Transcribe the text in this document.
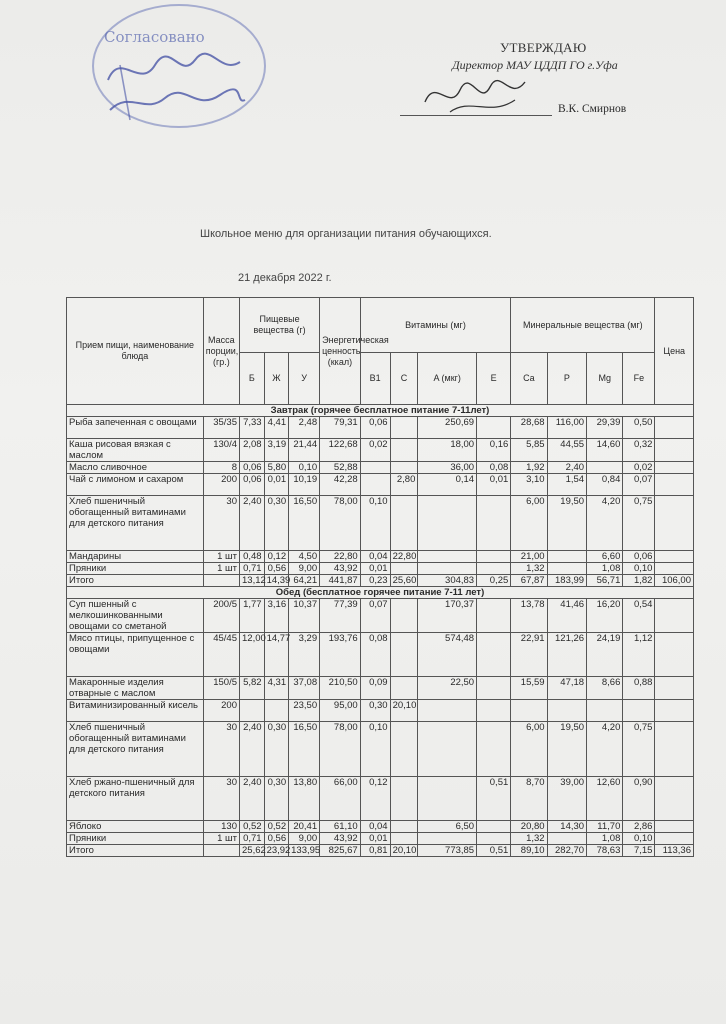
Согласовано
УТВЕРЖДАЮ
Директор МАУ ЦДДП ГО г.Уфа
В.К. Смирнов
Школьное меню для организации питания обучающихся.
21 декабря 2022 г.
Прием пищи, наименование блюда	Масса порции, (гр.)	Пищевые вещества (г)			Энергетическая ценность (ккал)	Витамины (мг)				Минеральные вещества (мг)				Цена
		Б	Ж	У		B1	C	A (мкг)	E	Ca	P	Mg	Fe	
Завтрак (горячее бесплатное питание 7-11лет)														
Рыба запеченная с овощами	35/35	7,33	4,41	2,48	79,31	0,06		250,69		28,68	116,00	29,39	0,50	
Каша рисовая вязкая с маслом	130/4	2,08	3,19	21,44	122,68	0,02		18,00	0,16	5,85	44,55	14,60	0,32	
Масло сливочное	8	0,06	5,80	0,10	52,88			36,00	0,08	1,92	2,40		0,02	
Чай с лимоном и сахаром	200	0,06	0,01	10,19	42,28		2,80	0,14	0,01	3,10	1,54	0,84	0,07	
Хлеб пшеничный обогащенный витаминами для детского питания	30	2,40	0,30	16,50	78,00	0,10				6,00	19,50	4,20	0,75	
Мандарины	1 шт	0,48	0,12	4,50	22,80	0,04	22,80			21,00		6,60	0,06	
Пряники	1 шт	0,71	0,56	9,00	43,92	0,01				1,32		1,08	0,10	
Итого		13,12	14,39	64,21	441,87	0,23	25,60	304,83	0,25	67,87	183,99	56,71	1,82	106,00
Обед (бесплатное горячее питание 7-11 лет)														
Суп пшенный с мелкошинкованными овощами со сметаной	200/5	1,77	3,16	10,37	77,39	0,07		170,37		13,78	41,46	16,20	0,54	
Мясо птицы, припущенное с овощами	45/45	12,00	14,77	3,29	193,76	0,08		574,48		22,91	121,26	24,19	1,12	
Макаронные изделия отварные с маслом	150/5	5,82	4,31	37,08	210,50	0,09		22,50		15,59	47,18	8,66	0,88	
Витаминизированный кисель	200			23,50	95,00	0,30	20,10							
Хлеб пшеничный обогащенный витаминами для детского питания	30	2,40	0,30	16,50	78,00	0,10				6,00	19,50	4,20	0,75	
Хлеб ржано-пшеничный для детского питания	30	2,40	0,30	13,80	66,00	0,12			0,51	8,70	39,00	12,60	0,90	
Яблоко	130	0,52	0,52	20,41	61,10	0,04		6,50		20,80	14,30	11,70	2,86	
Пряники	1 шт	0,71	0,56	9,00	43,92	0,01				1,32		1,08	0,10	
Итого		25,62	23,92	133,95	825,67	0,81	20,10	773,85	0,51	89,10	282,70	78,63	7,15	113,36
